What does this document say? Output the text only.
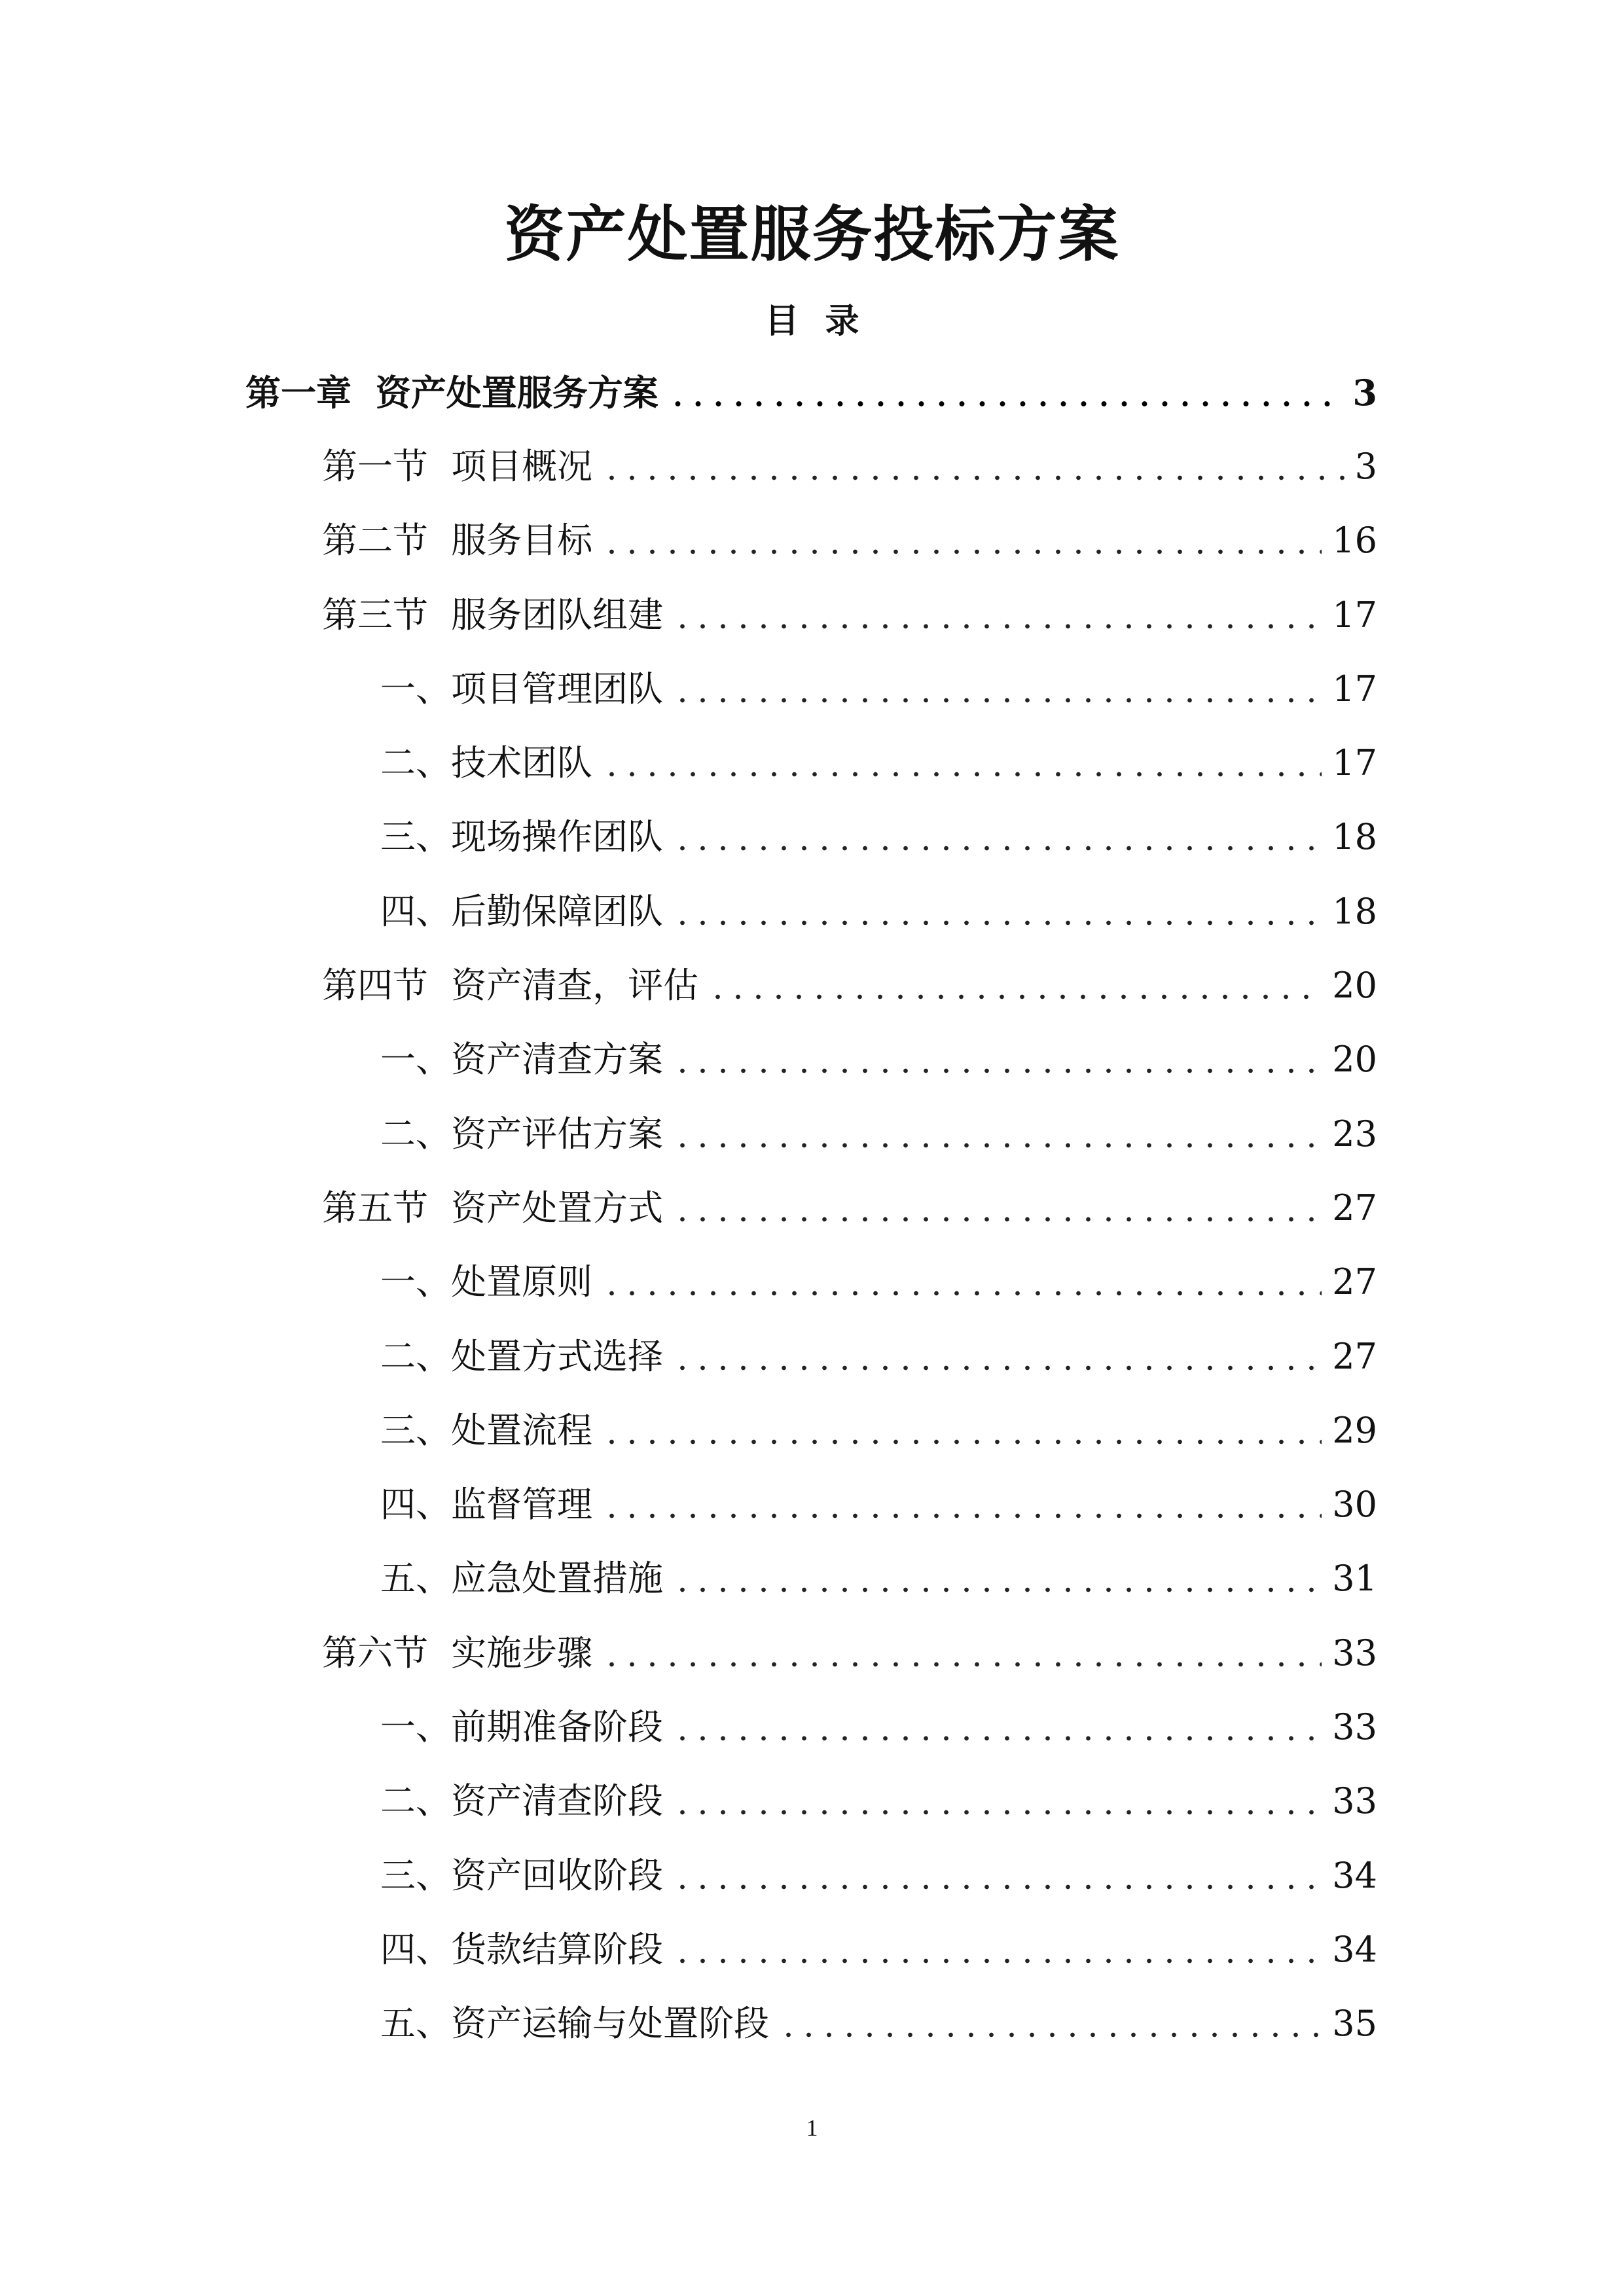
资产处置服务投标方案
目 录
第一章 资产处置服务方案	3
第一节 项目概况	3
第二节 服务目标	16
第三节 服务团队组建	17
一、项目管理团队	17
二、技术团队	17
三、现场操作团队	18
四、后勤保障团队	18
第四节 资产清查，评估	20
一、资产清查方案	20
二、资产评估方案	23
第五节 资产处置方式	27
一、处置原则	27
二、处置方式选择	27
三、处置流程	29
四、监督管理	30
五、应急处置措施	31
第六节 实施步骤	33
一、前期准备阶段	33
二、资产清查阶段	33
三、资产回收阶段	34
四、货款结算阶段	34
五、资产运输与处置阶段	35
1
